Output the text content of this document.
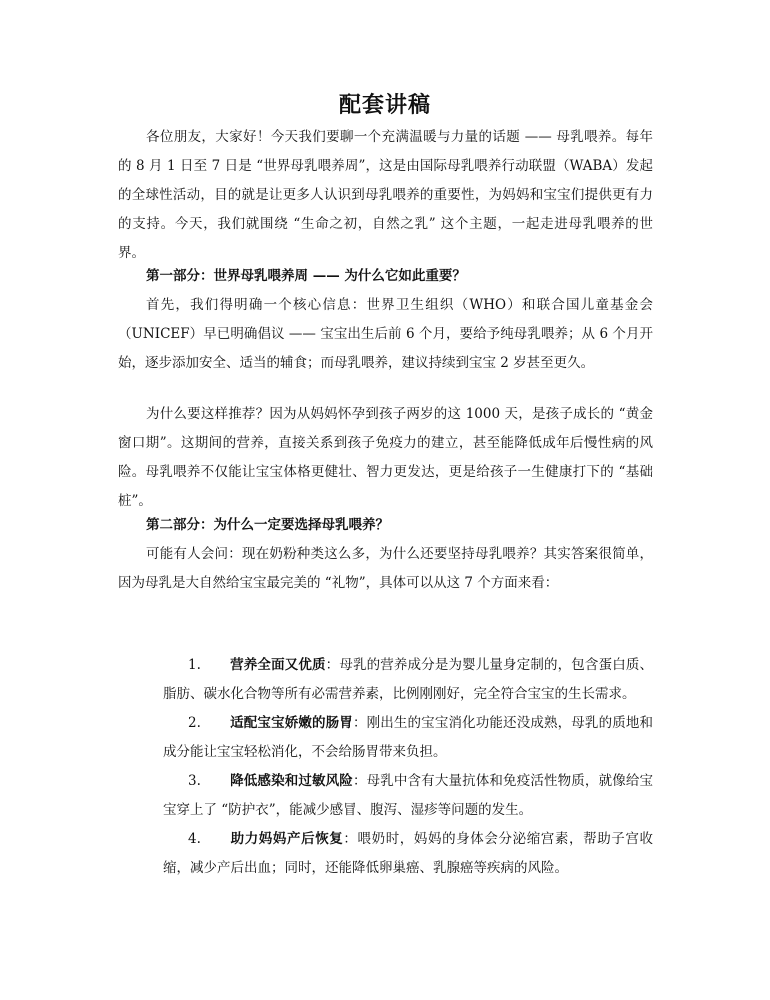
配套讲稿

各位朋友，大家好！今天我们要聊一个充满温暖与力量的话题 —— 母乳喂养。每年的 8 月 1 日至 7 日是 “世界母乳喂养周”，这是由国际母乳喂养行动联盟（WABA）发起的全球性活动，目的就是让更多人认识到母乳喂养的重要性，为妈妈和宝宝们提供更有力的支持。今天，我们就围绕 “生命之初，自然之乳” 这个主题，一起走进母乳喂养的世界。

第一部分：世界母乳喂养周 —— 为什么它如此重要？

首先，我们得明确一个核心信息：世界卫生组织（WHO）和联合国儿童基金会（UNICEF）早已明确倡议 —— 宝宝出生后前 6 个月，要给予纯母乳喂养；从 6 个月开始，逐步添加安全、适当的辅食；而母乳喂养，建议持续到宝宝 2 岁甚至更久。

为什么要这样推荐？因为从妈妈怀孕到孩子两岁的这 1000 天，是孩子成长的 “黄金窗口期”。这期间的营养，直接关系到孩子免疫力的建立，甚至能降低成年后慢性病的风险。母乳喂养不仅能让宝宝体格更健壮、智力更发达，更是给孩子一生健康打下的 “基础桩”。

第二部分：为什么一定要选择母乳喂养？

可能有人会问：现在奶粉种类这么多，为什么还要坚持母乳喂养？其实答案很简单，因为母乳是大自然给宝宝最完美的 “礼物”，具体可以从这 7 个方面来看：

1. 营养全面又优质：母乳的营养成分是为婴儿量身定制的，包含蛋白质、脂肪、碳水化合物等所有必需营养素，比例刚刚好，完全符合宝宝的生长需求。

2. 适配宝宝娇嫩的肠胃：刚出生的宝宝消化功能还没成熟，母乳的质地和成分能让宝宝轻松消化，不会给肠胃带来负担。

3. 降低感染和过敏风险：母乳中含有大量抗体和免疫活性物质，就像给宝宝穿上了 “防护衣”，能减少感冒、腹泻、湿疹等问题的发生。

4. 助力妈妈产后恢复：喂奶时，妈妈的身体会分泌缩宫素，帮助子宫收缩，减少产后出血；同时，还能降低卵巢癌、乳腺癌等疾病的风险。
